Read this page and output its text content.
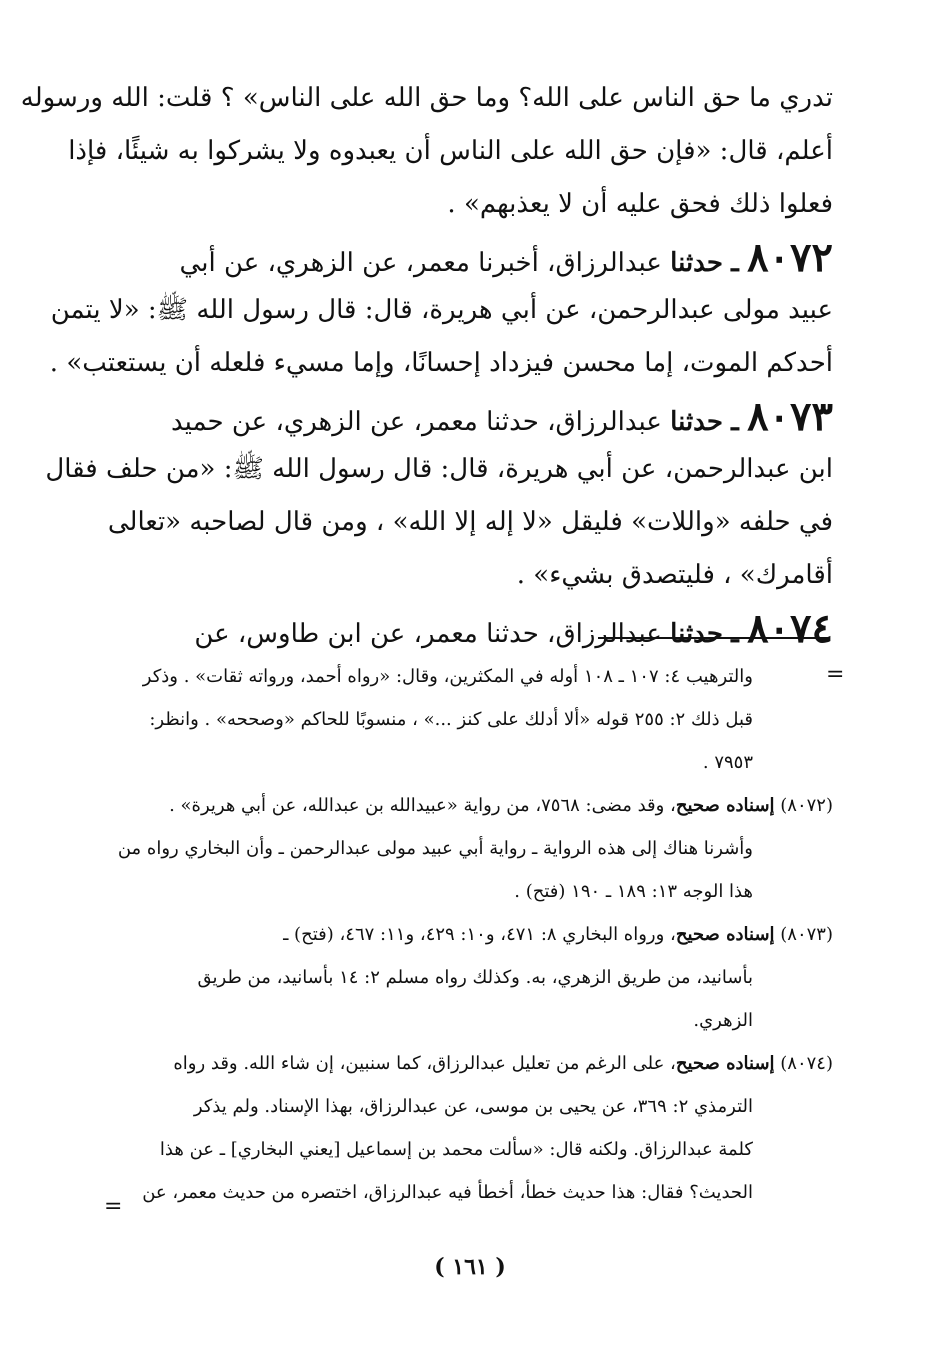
تدري ما حق الناس على الله؟ وما حق الله على الناس» ؟ قلت: الله ورسوله
أعلم، قال: «فإن حق الله على الناس أن يعبدوه ولا يشركوا به شيئًا، فإذا
فعلوا ذلك فحق عليه أن لا يعذبهم» .
٨٠٧٢ ـ حدثنا عبدالرزاق، أخبرنا معمر، عن الزهري، عن أبي
عبيد مولى عبدالرحمن، عن أبي هريرة، قال: قال رسول الله ﷺ: «لا يتمن
أحدكم الموت، إما محسن فيزداد إحسانًا، وإما مسيء فلعله أن يستعتب» .
٨٠٧٣ ـ حدثنا عبدالرزاق، حدثنا معمر، عن الزهري، عن حميد
ابن عبدالرحمن، عن أبي هريرة، قال: قال رسول الله ﷺ: «من حلف فقال
في حلفه «واللات» فليقل «لا إله إلا الله» ، ومن قال لصاحبه «تعالى
أقامرك» ، فليتصدق بشيء» .
٨٠٧٤ ـ حدثنا عبدالرزاق، حدثنا معمر، عن ابن طاوس، عن
=
والترهيب ٤: ١٠٧ ـ ١٠٨ أوله في المكثرين، وقال: «رواه أحمد، ورواته ثقات» . وذكر
قبل ذلك ٢: ٢٥٥ قوله «ألا أدلك على كنز ...» ، منسوبًا للحاكم «وصححه» . وانظر:
٧٩٥٣ .
(٨٠٧٢) إسناده صحيح، وقد مضى: ٧٥٦٨، من رواية «عبيدالله بن عبدالله، عن أبي هريرة» .
وأشرنا هناك إلى هذه الرواية ـ رواية أبي عبيد مولى عبدالرحمن ـ وأن البخاري رواه من
هذا الوجه ١٣: ١٨٩ ـ ١٩٠ (فتح) .
(٨٠٧٣) إسناده صحيح، ورواه البخاري ٨: ٤٧١، و١٠: ٤٢٩، و١١: ٤٦٧، (فتح) ـ
بأسانيد، من طريق الزهري، به. وكذلك رواه مسلم ٢: ١٤ بأسانيد، من طريق
الزهري.
(٨٠٧٤) إسناده صحيح، على الرغم من تعليل عبدالرزاق، كما سنبين، إن شاء الله. وقد رواه
الترمذي ٢: ٣٦٩، عن يحيى بن موسى، عن عبدالرزاق، بهذا الإسناد. ولم يذكر
كلمة عبدالرزاق. ولكنه قال: «سألت محمد بن إسماعيل [يعني البخاري] ـ عن هذا
الحديث؟ فقال: هذا حديث خطأ، أخطأ فيه عبدالرزاق، اختصره من حديث معمر، عن
=
( ١٦١ )
